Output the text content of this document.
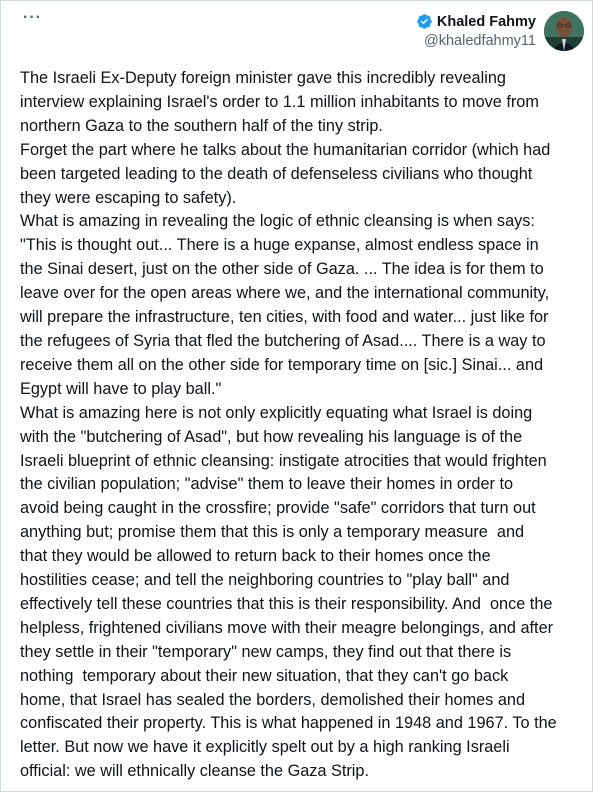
···	Khaled Fahmy
@khaledfahmy11

The Israeli Ex-Deputy foreign minister gave this incredibly revealing

interview explaining Israel's order to 1.1 million inhabitants to move from

northern Gaza to the southern half of the tiny strip.

Forget the part where he talks about the humanitarian corridor (which had

been targeted leading to the death of defenseless civilians who thought

they were escaping to safety).

What is amazing in revealing the logic of ethnic cleansing is when says:

"This is thought out... There is a huge expanse, almost endless space in

the Sinai desert, just on the other side of Gaza. ... The idea is for them to

leave over for the open areas where we, and the international community,

will prepare the infrastructure, ten cities, with food and water... just like for

the refugees of Syria that fled the butchering of Asad.... There is a way to

receive them all on the other side for temporary time on [sic.] Sinai... and

Egypt will have to play ball."

What is amazing here is not only explicitly equating what Israel is doing

with the "butchering of Asad", but how revealing his language is of the

Israeli blueprint of ethnic cleansing: instigate atrocities that would frighten

the civilian population; "advise" them to leave their homes in order to

avoid being caught in the crossfire; provide "safe" corridors that turn out

anything but; promise them that this is only a temporary measure  and

that they would be allowed to return back to their homes once the

hostilities cease; and tell the neighboring countries to "play ball" and

effectively tell these countries that this is their responsibility. And  once the

helpless, frightened civilians move with their meagre belongings, and after

they settle in their "temporary" new camps, they find out that there is

nothing  temporary about their new situation, that they can't go back

home, that Israel has sealed the borders, demolished their homes and

confiscated their property. This is what happened in 1948 and 1967. To the

letter. But now we have it explicitly spelt out by a high ranking Israeli

official: we will ethnically cleanse the Gaza Strip.
